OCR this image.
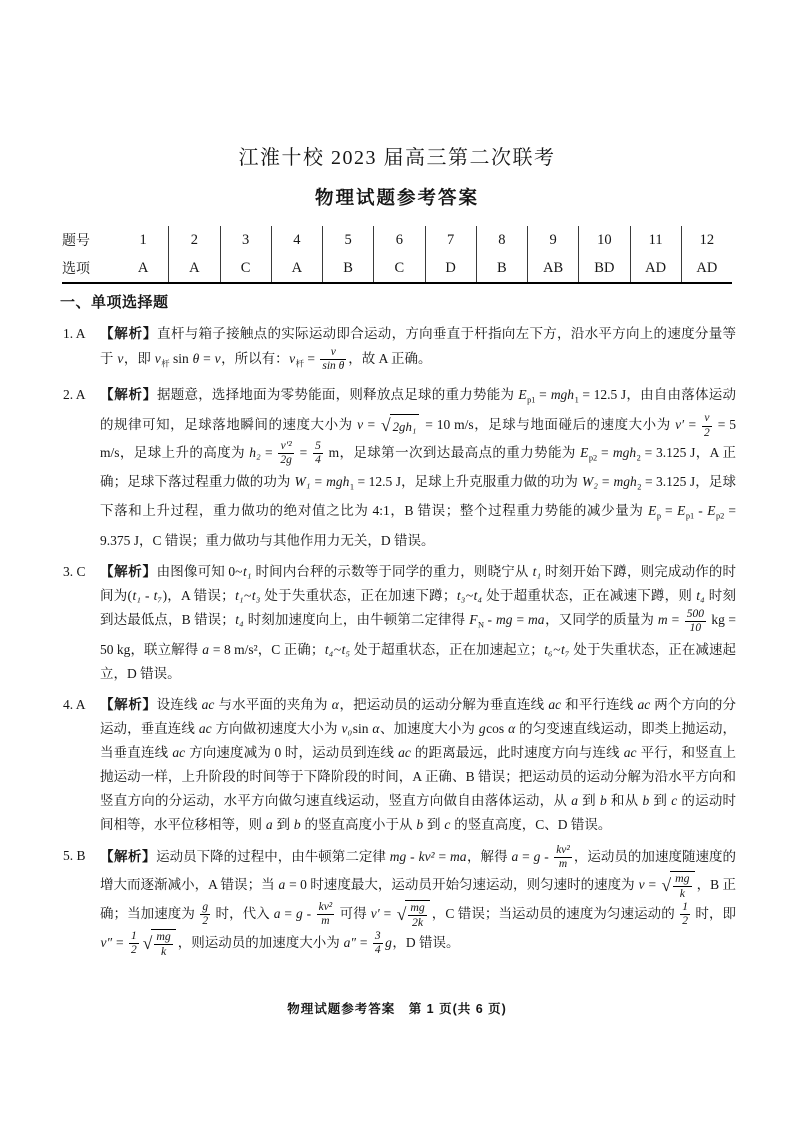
江淮十校 2023 届高三第二次联考
物理试题参考答案
题号	1	2	3	4	5	6	7	8	9	10	11	12
选项	A	A	C	A	B	C	D	B	AB	BD	AD	AD
一、单项选择题
1. A 【解析】直杆与箱子接触点的实际运动即合运动，方向垂直于杆指向左下方，沿水平方向上的速度分量等于 v，即 $v_杆$ sin θ = v，所以有：$v_杆 = \frac{v}{\text{sin θ}}$ ，故 A 正确。

2. A 【解析】据题意，选择地面为零势能面，则释放点足球的重力势能为 $E_{p1} = mgh_1 = 12.5$ J，由自由落体运动的规律可知，足球落地瞬间的速度大小为 v = √ 2gh₁ = 10 m/s，足球与地面碰后的速度大小为 $v' = \frac{v}{2} = 5$ m/s，足球上升的高度为 $h_2 = \frac{\text{v′²}}{2g} = \frac{5}{4}$ m，足球第一次到达最高点的重力势能为 $E_{p2} = mgh_2 = 3.125$ J，A 正确；足球下落过程重力做的功为 W₁ = mgh$_1$ = 12.5 J，足球上升克服重力做的功为 W₂ = mgh$_2$ = 3.125 J，足球下落和上升过程，重力做功的绝对值之比为 4:1，B 错误；整个过程重力势能的减少量为 $E_p = E_{p1} - E_{p2} = 9.375$ J，C 错误；重力做功与其他作用力无关，D 错误。

3. C 【解析】由图像可知 0~t₁ 时间内台秤的示数等于同学的重力，则晓宁从 t₁ 时刻开始下蹲，则完成动作的时间为(t₁ - t₇)，A 错误；t₁~t₃ 处于失重状态，正在加速下蹲；t₃~t₄ 处于超重状态，正在减速下蹲，则 t₄ 时刻到达最低点，B 错误；t₄ 时刻加速度向上，由牛顿第二定律得 $F_N$ - mg = ma，又同学的质量为 $m = \frac{500}{10}$ kg = 50 kg，联立解得 a = 8 m/s²，C 正确；t₄~t₅ 处于超重状态，正在加速起立；t₆~t₇ 处于失重状态，正在减速起立，D 错误。

4. A 【解析】设连线 ac 与水平面的夹角为 α，把运动员的运动分解为垂直连线 ac 和平行连线 ac 两个方向的分运动，垂直连线 ac 方向做初速度大小为 v₀sin α、加速度大小为 gcos α 的匀变速直线运动，即类上抛运动，当垂直连线 ac 方向速度减为 0 时，运动员到连线 ac 的距离最远，此时速度方向与连线 ac 平行，和竖直上抛运动一样，上升阶段的时间等于下降阶段的时间，A 正确、B 错误；把运动员的运动分解为沿水平方向和竖直方向的分运动，水平方向做匀速直线运动，竖直方向做自由落体运动，从 a 到 b 和从 b 到 c 的运动时间相等，水平位移相等，则 a 到 b 的竖直高度小于从 b 到 c 的竖直高度，C、D 错误。

5. B 【解析】运动员下降的过程中，由牛顿第二定律 mg - kv² = ma，解得 $a = g - \frac{\text{kv²}}{m}$ ，运动员的加速度随速度的增大而逐渐减小，A 错误；当 a = 0 时速度最大，运动员开始匀速运动，则匀速时的速度为 v = √ $\frac{mg}{k}$ ，B 正确；当加速度为 $\frac{g}{2}$ 时，代入 $a = g - \frac{\text{kv²}}{m}$ 可得 v′ = √ $\frac{mg}{2k}$ ，C 错误；当运动员的速度为匀速运动的 $\frac{1}{2}$ 时，即 $v'' = \frac{1}{2}$ √ $\frac{mg}{k}$ ，则运动员的加速度大小为 $a'' = \frac{3}{4}$ g，D 错误。

物理试题参考答案　第 1 页(共 6 页)
